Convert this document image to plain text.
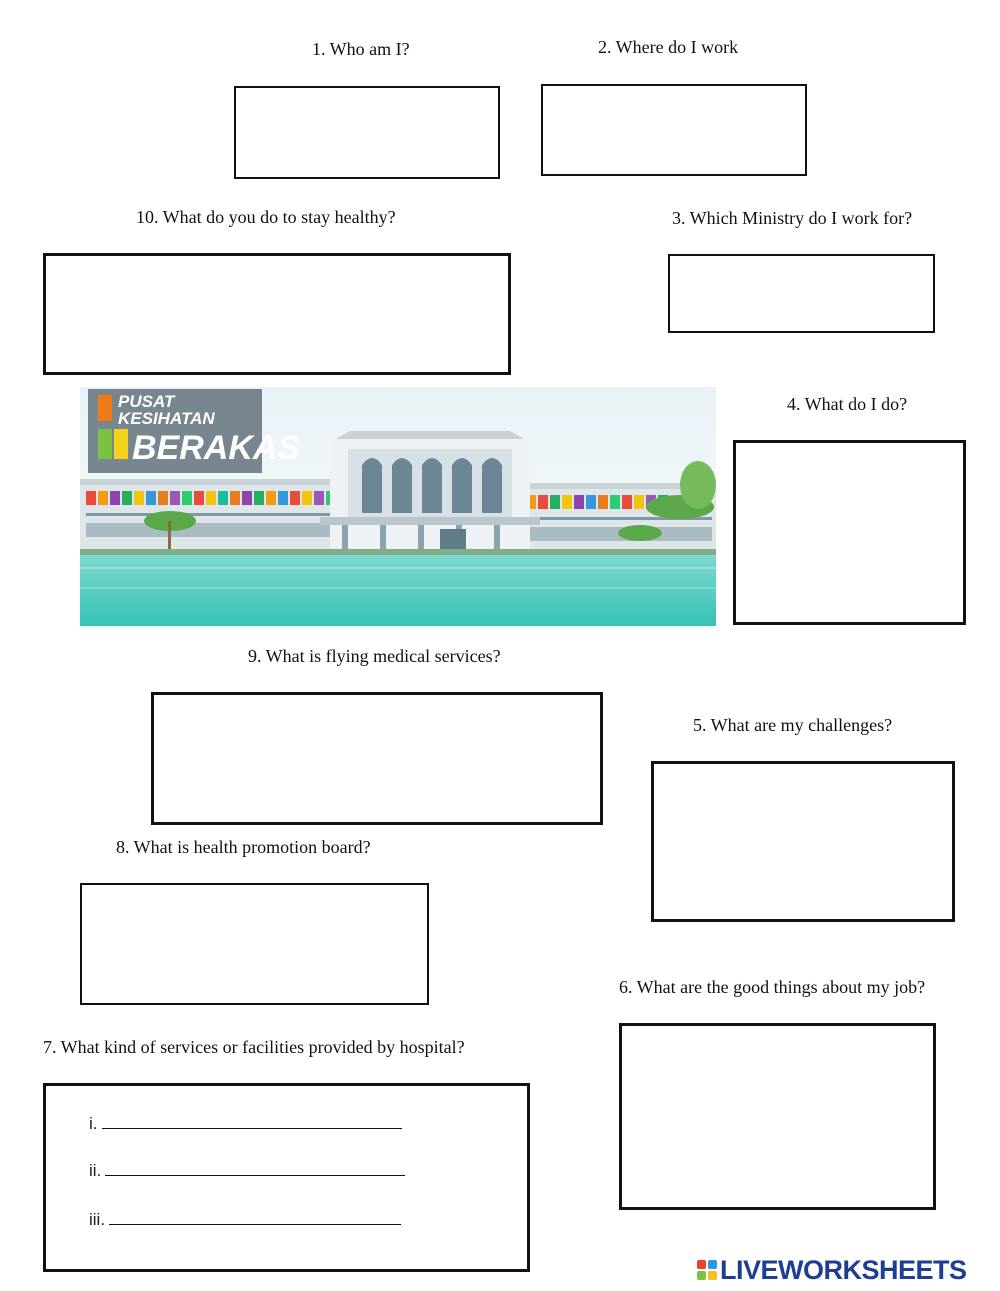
1. Who am I?	2. Where do I work
10. What do you do to stay healthy?	3. Which Ministry do I work for?
PUSAT
KESIHATAN
BERAKAS
4. What do I do?
9. What is flying medical services?
5. What are my challenges?
8. What is health promotion board?
6. What are the good things about my job?
7. What kind of services or facilities provided by hospital?
i.
ii.
iii.
LIVEWORKSHEETS
